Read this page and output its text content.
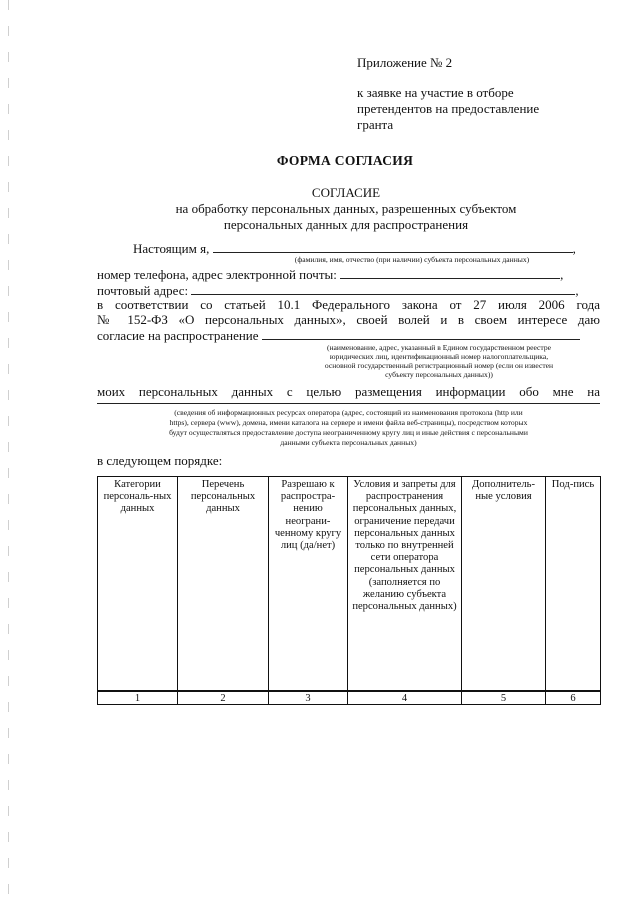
Приложение № 2
к заявке на участие в отборе
претендентов на предоставление
гранта
ФОРМА СОГЛАСИЯ
СОГЛАСИЕ
на обработку персональных данных, разрешенных субъектом
персональных данных для распространения
Настоящим я,	,
(фамилия, имя, отчество (при наличии) субъекта персональных данных)
номер телефона, адрес электронной почты:	,
почтовый адрес:	,
в соответствии со статьей 10.1 Федерального закона от 27 июля 2006 года
№ 152-ФЗ «О персональных данных», своей волей и в своем интересе даю
согласие на распространение
(наименование, адрес, указанный в Едином государственном реестре
юридических лиц, идентификационный номер налогоплательщика,
основной государственный регистрационный номер (если он известен
субъекту персональных данных))
моих персональных данных с целью размещения информации обо мне на
(сведения об информационных ресурсах оператора (адрес, состоящий из наименования протокола (http или
https), сервера (www), домена, имени каталога на сервере и имени файла веб-страницы), посредством которых
будут осуществляться предоставление доступа неограниченному кругу лиц и иные действия с персональными
данными субъекта персональных данных)
в следующем порядке:
Категории персональ-ных данных	Перечень персональных данных	Разрешаю к распростра-нению неограни-ченному кругу лиц (да/нет)	Условия и запреты для распространения персональных данных, ограничение передачи персональных данных только по внутренней сети оператора персональных данных (заполняется по желанию субъекта персональных данных)	Дополнитель-ные условия	Под-пись
1	2	3	4	5	6
